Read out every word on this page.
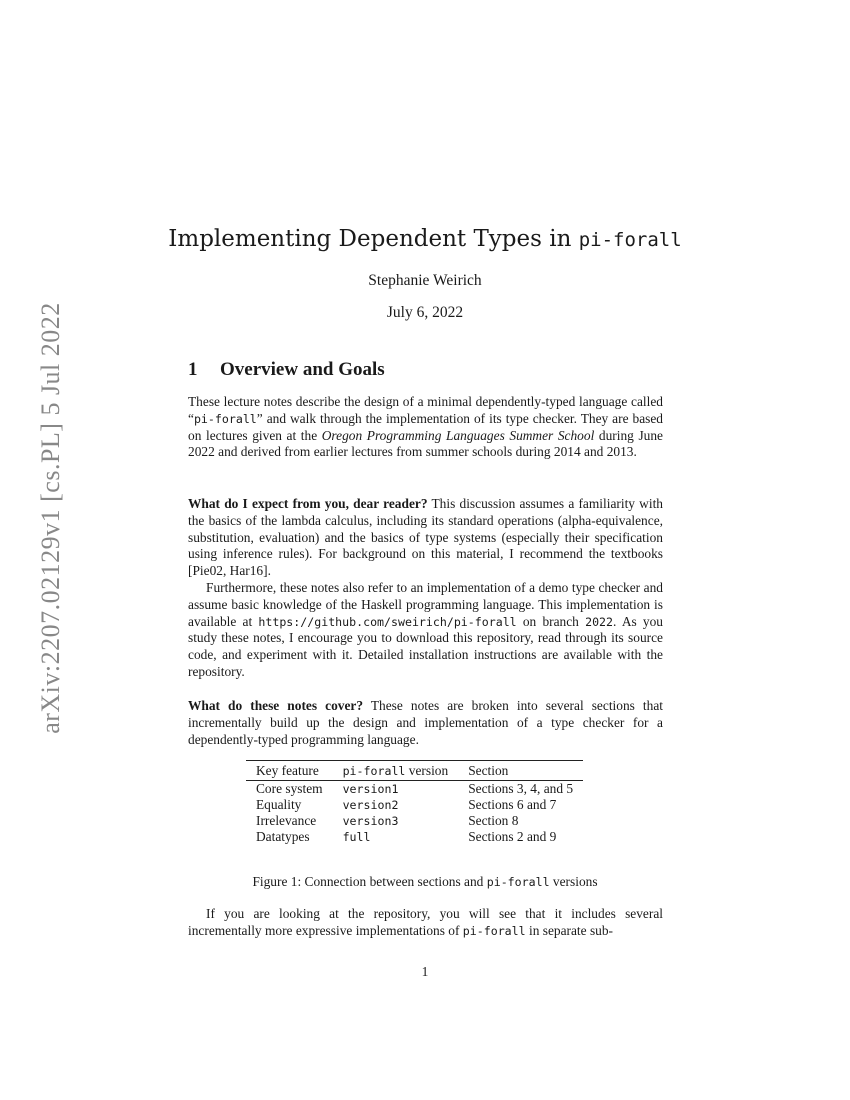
arXiv:2207.02129v1 [cs.PL] 5 Jul 2022
Implementing Dependent Types in pi-forall
Stephanie Weirich
July 6, 2022
1 Overview and Goals
These lecture notes describe the design of a minimal dependently-typed language called “pi-forall” and walk through the implementation of its type checker. They are based on lectures given at the Oregon Programming Languages Summer School during June 2022 and derived from earlier lectures from summer schools during 2014 and 2013.
What do I expect from you, dear reader? This discussion assumes a familiarity with the basics of the lambda calculus, including its standard operations (alpha-equivalence, substitution, evaluation) and the basics of type systems (especially their specification using inference rules). For background on this material, I recommend the textbooks [Pie02, Har16].
Furthermore, these notes also refer to an implementation of a demo type checker and assume basic knowledge of the Haskell programming language. This implementation is available at https://github.com/sweirich/pi-forall on branch 2022. As you study these notes, I encourage you to download this repository, read through its source code, and experiment with it. Detailed installation instructions are available with the repository.
What do these notes cover? These notes are broken into several sections that incrementally build up the design and implementation of a type checker for a dependently-typed programming language.
Key feature	pi-forall version	Section
Core system	version1	Sections 3, 4, and 5
Equality	version2	Sections 6 and 7
Irrelevance	version3	Section 8
Datatypes	full	Sections 2 and 9
Figure 1: Connection between sections and pi-forall versions
If you are looking at the repository, you will see that it includes several incrementally more expressive implementations of pi-forall in separate sub-
1
